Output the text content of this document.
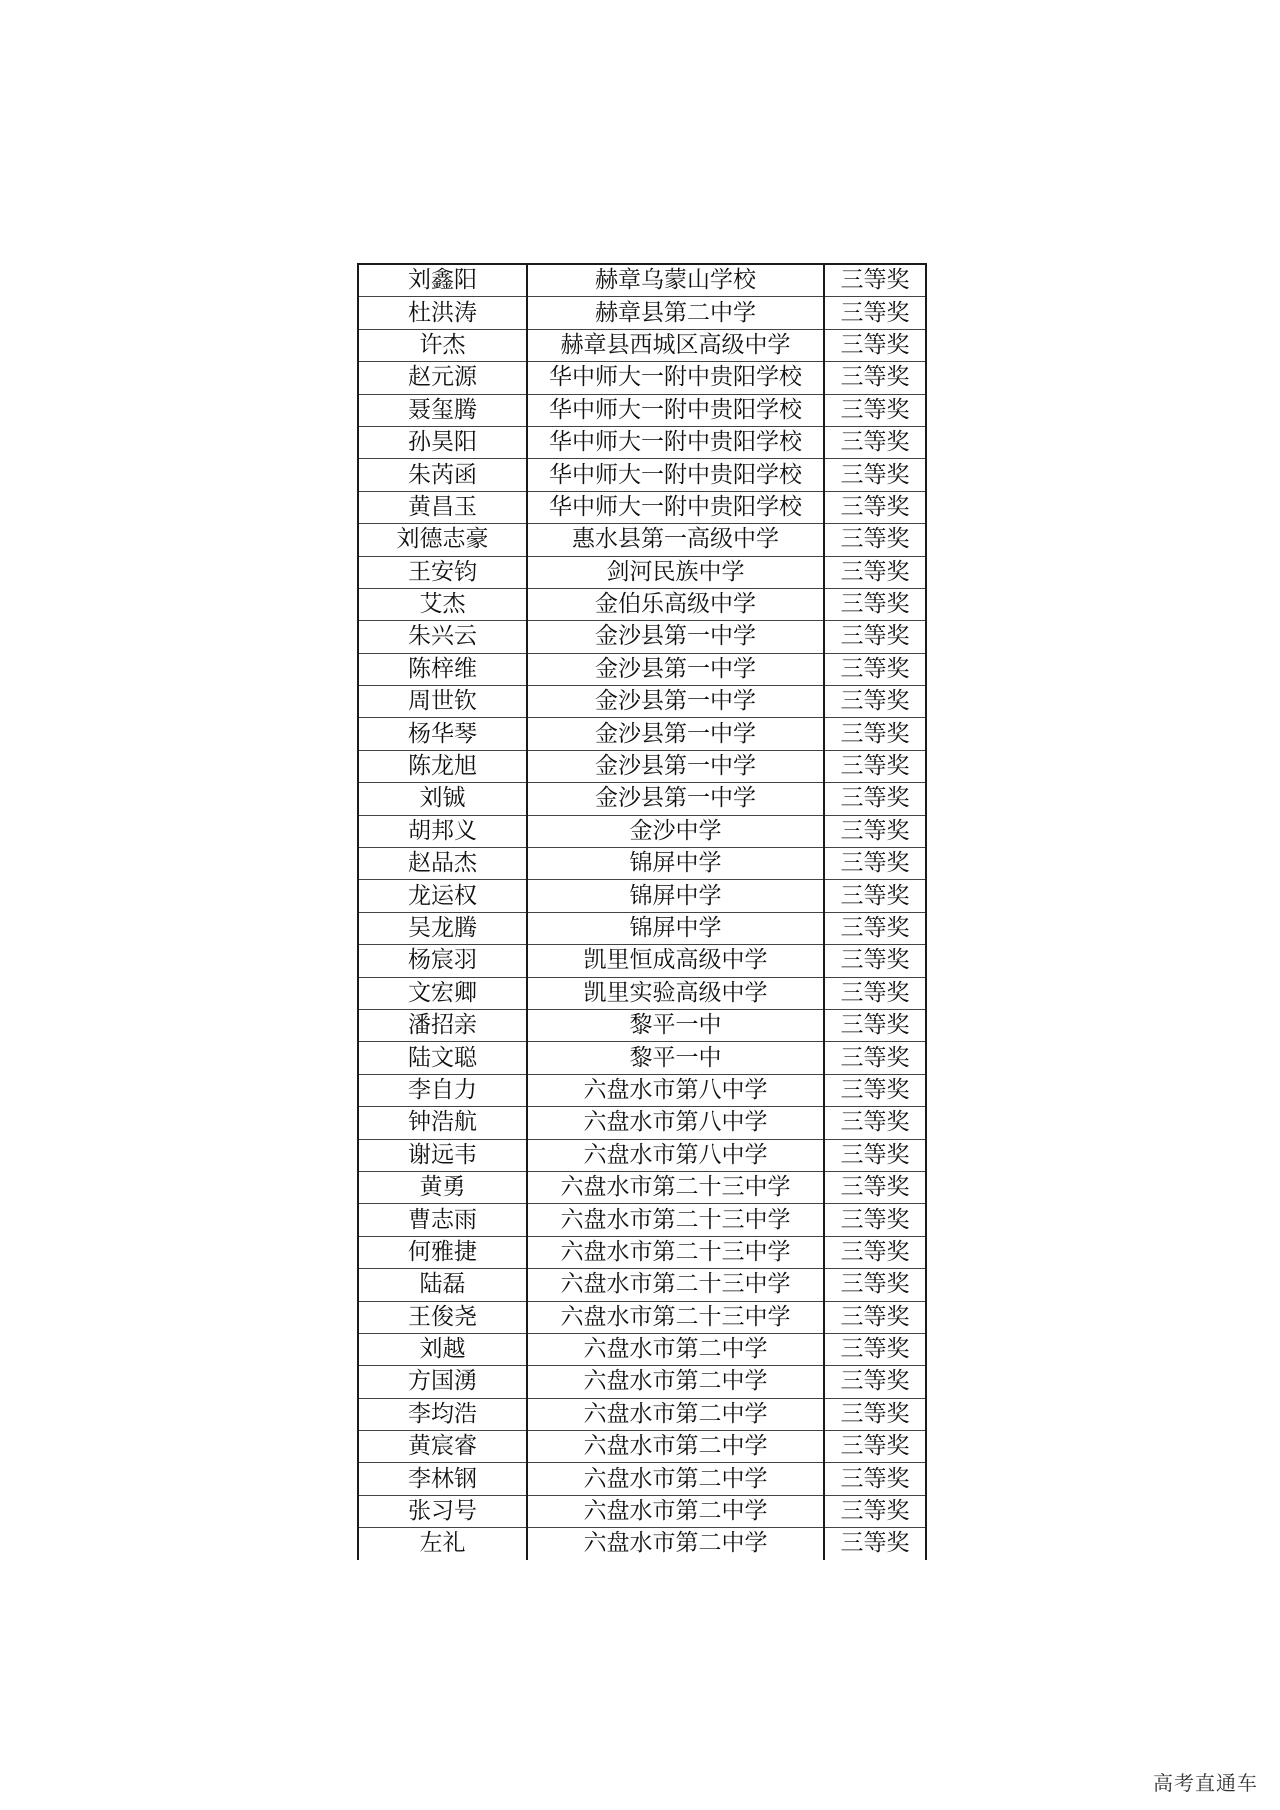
刘鑫阳	赫章乌蒙山学校	三等奖
杜洪涛	赫章县第二中学	三等奖
许杰	赫章县西城区高级中学	三等奖
赵元源	华中师大一附中贵阳学校	三等奖
聂玺腾	华中师大一附中贵阳学校	三等奖
孙昊阳	华中师大一附中贵阳学校	三等奖
朱芮函	华中师大一附中贵阳学校	三等奖
黄昌玉	华中师大一附中贵阳学校	三等奖
刘德志豪	惠水县第一高级中学	三等奖
王安钧	剑河民族中学	三等奖
艾杰	金伯乐高级中学	三等奖
朱兴云	金沙县第一中学	三等奖
陈梓维	金沙县第一中学	三等奖
周世钦	金沙县第一中学	三等奖
杨华琴	金沙县第一中学	三等奖
陈龙旭	金沙县第一中学	三等奖
刘铖	金沙县第一中学	三等奖
胡邦义	金沙中学	三等奖
赵品杰	锦屏中学	三等奖
龙运权	锦屏中学	三等奖
吴龙腾	锦屏中学	三等奖
杨宸羽	凯里恒成高级中学	三等奖
文宏卿	凯里实验高级中学	三等奖
潘招亲	黎平一中	三等奖
陆文聪	黎平一中	三等奖
李自力	六盘水市第八中学	三等奖
钟浩航	六盘水市第八中学	三等奖
谢远韦	六盘水市第八中学	三等奖
黄勇	六盘水市第二十三中学	三等奖
曹志雨	六盘水市第二十三中学	三等奖
何雅捷	六盘水市第二十三中学	三等奖
陆磊	六盘水市第二十三中学	三等奖
王俊尧	六盘水市第二十三中学	三等奖
刘越	六盘水市第二中学	三等奖
方国湧	六盘水市第二中学	三等奖
李均浩	六盘水市第二中学	三等奖
黄宸睿	六盘水市第二中学	三等奖
李林钢	六盘水市第二中学	三等奖
张习号	六盘水市第二中学	三等奖
左礼	六盘水市第二中学	三等奖
高考直通车
